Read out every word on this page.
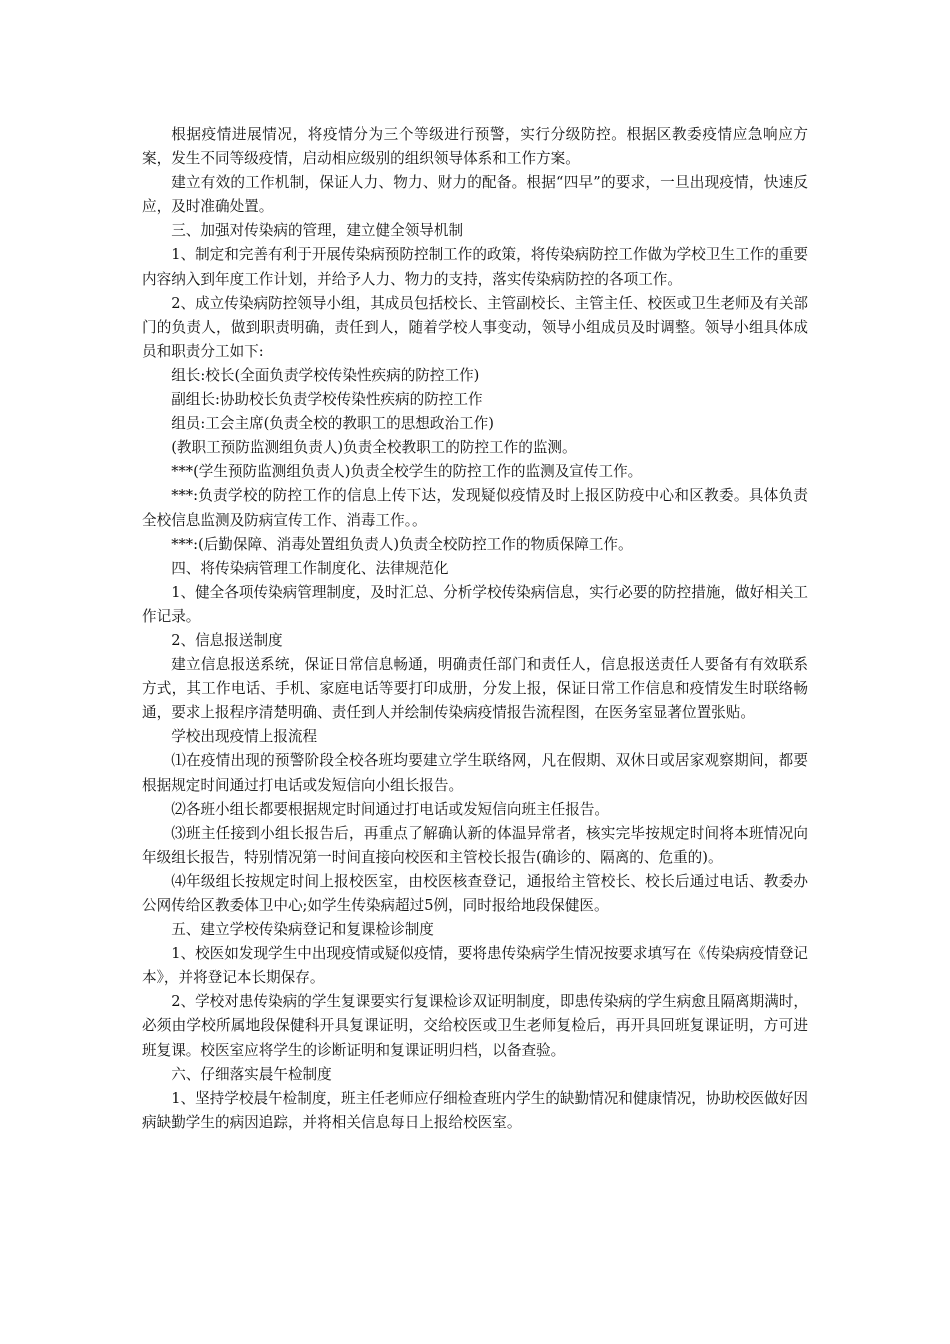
根据疫情进展情况，将疫情分为三个等级进行预警，实行分级防控。根据区教委疫情应急响应方案，发生不同等级疫情，启动相应级别的组织领导体系和工作方案。

建立有效的工作机制，保证人力、物力、财力的配备。根据“四早”的要求，一旦出现疫情，快速反应，及时准确处置。

三、加强对传染病的管理，建立健全领导机制

1、制定和完善有利于开展传染病预防控制工作的政策，将传染病防控工作做为学校卫生工作的重要内容纳入到年度工作计划，并给予人力、物力的支持，落实传染病防控的各项工作。

2、成立传染病防控领导小组，其成员包括校长、主管副校长、主管主任、校医或卫生老师及有关部门的负责人，做到职责明确，责任到人，随着学校人事变动，领导小组成员及时调整。领导小组具体成员和职责分工如下:

组长:校长(全面负责学校传染性疾病的防控工作)

副组长:协助校长负责学校传染性疾病的防控工作

组员:工会主席(负责全校的教职工的思想政治工作)

(教职工预防监测组负责人)负责全校教职工的防控工作的监测。

***(学生预防监测组负责人)负责全校学生的防控工作的监测及宣传工作。

***:负责学校的防控工作的信息上传下达，发现疑似疫情及时上报区防疫中心和区教委。具体负责全校信息监测及防病宣传工作、消毒工作。。

***:(后勤保障、消毒处置组负责人)负责全校防控工作的物质保障工作。

四、将传染病管理工作制度化、法律规范化

1、健全各项传染病管理制度，及时汇总、分析学校传染病信息，实行必要的防控措施，做好相关工作记录。

2、信息报送制度

建立信息报送系统，保证日常信息畅通，明确责任部门和责任人，信息报送责任人要备有有效联系方式，其工作电话、手机、家庭电话等要打印成册，分发上报，保证日常工作信息和疫情发生时联络畅通，要求上报程序清楚明确、责任到人并绘制传染病疫情报告流程图，在医务室显著位置张贴。

学校出现疫情上报流程

⑴在疫情出现的预警阶段全校各班均要建立学生联络网，凡在假期、双休日或居家观察期间，都要根据规定时间通过打电话或发短信向小组长报告。

⑵各班小组长都要根据规定时间通过打电话或发短信向班主任报告。

⑶班主任接到小组长报告后，再重点了解确认新的体温异常者，核实完毕按规定时间将本班情况向年级组长报告，特别情况第一时间直接向校医和主管校长报告(确诊的、隔离的、危重的)。

⑷年级组长按规定时间上报校医室，由校医核查登记，通报给主管校长、校长后通过电话、教委办公网传给区教委体卫中心;如学生传染病超过5例，同时报给地段保健医。

五、建立学校传染病登记和复课检诊制度

1、校医如发现学生中出现疫情或疑似疫情，要将患传染病学生情况按要求填写在《传染病疫情登记本》，并将登记本长期保存。

2、学校对患传染病的学生复课要实行复课检诊双证明制度，即患传染病的学生病愈且隔离期满时，必须由学校所属地段保健科开具复课证明，交给校医或卫生老师复检后，再开具回班复课证明，方可进班复课。校医室应将学生的诊断证明和复课证明归档，以备查验。

六、仔细落实晨午检制度

1、坚持学校晨午检制度，班主任老师应仔细检查班内学生的缺勤情况和健康情况，协助校医做好因病缺勤学生的病因追踪，并将相关信息每日上报给校医室。
